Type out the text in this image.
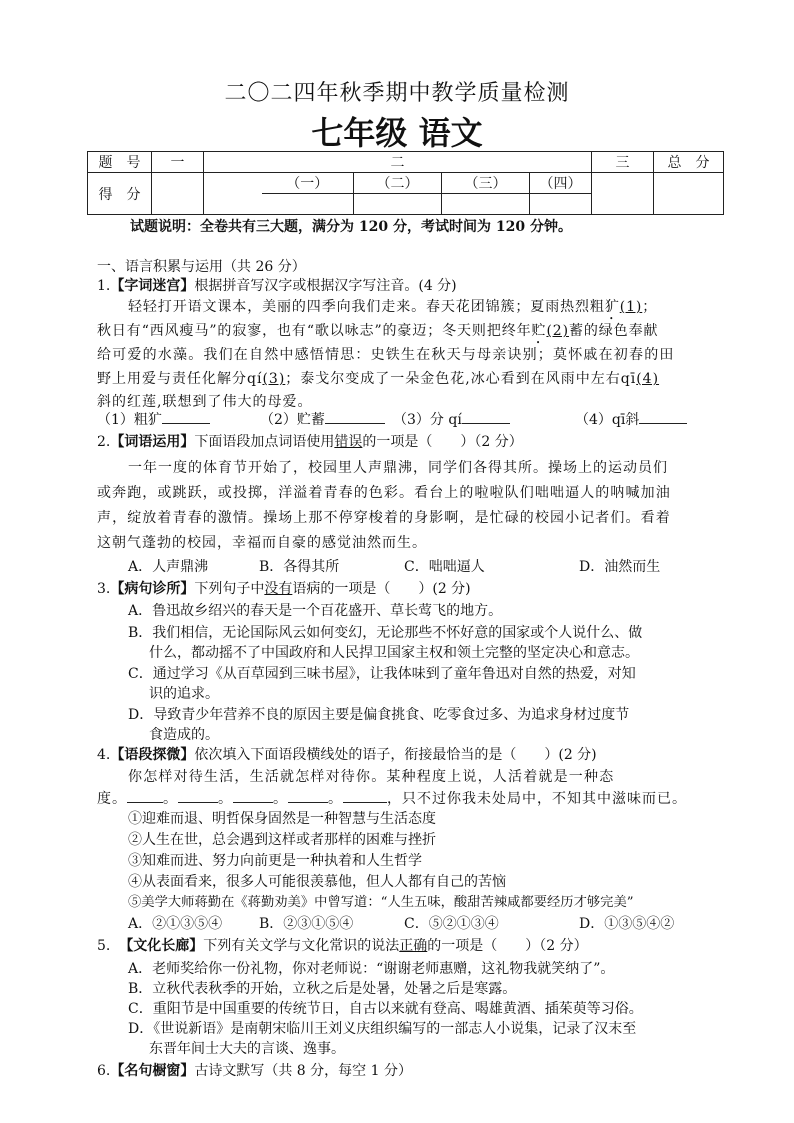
二〇二四年秋季期中教学质量检测
七年级 语文
题　号	一	二					三	总　分
得　分			（一）	（二）	（三）	（四）		

试题说明：全卷共有三大题，满分为 120 分，考试时间为 120 分钟。
一、语言积累与运用（共 26 分）
1.【字词迷宫】根据拼音写汉字或根据汉字写注音。(4 分)
轻轻打开语文课本，美丽的四季向我们走来。春天花团锦簇；夏雨热烈粗犷(1)；
秋日有“西风瘦马”的寂寥，也有“歌以咏志”的豪迈；冬天则把终年贮(2)蓄的绿色奉献
给可爱的水藻。我们在自然中感悟情思：史铁生在秋天与母亲诀别；莫怀戚在初春的田
野上用爱与责任化解分qí(3)；泰戈尔变成了一朵金色花,冰心看到在风雨中左右qī(4)
斜的红莲,联想到了伟大的母爱。
（1）粗犷	（2）贮蓄	（3）分 qí	（4）qī斜
2.【词语运用】下面语段加点词语使用错误的一项是（　　）（2 分）
一年一度的体育节开始了，校园里人声鼎沸，同学们各得其所。操场上的运动员们
或奔跑，或跳跃，或投掷，洋溢着青春的色彩。看台上的啦啦队们咄咄逼人的呐喊加油
声，绽放着青春的激情。操场上那不停穿梭着的身影啊，是忙碌的校园小记者们。看着
这朝气蓬勃的校园，幸福而自豪的感觉油然而生。
A．人声鼎沸	B．各得其所	C．咄咄逼人	D．油然而生
3.【病句诊所】下列句子中没有语病的一项是（　　）(2 分)
A．鲁迅故乡绍兴的春天是一个百花盛开、草长莺飞的地方。
B．我们相信，无论国际风云如何变幻，无论那些不怀好意的国家或个人说什么、做
什么，都动摇不了中国政府和人民捍卫国家主权和领土完整的坚定决心和意志。
C．通过学习《从百草园到三味书屋》，让我体味到了童年鲁迅对自然的热爱，对知
识的追求。
D．导致青少年营养不良的原因主要是偏食挑食、吃零食过多、为追求身材过度节
食造成的。
4.【语段探微】依次填入下面语段横线处的语子，衔接最恰当的是（　　）(2 分)
你怎样对待生活，生活就怎样对待你。某种程度上说，人活着就是一种态
度。	。	。	。	。	，只不过你我未处局中，不知其中滋味而已。
①迎难而退、明哲保身固然是一种智慧与生活态度
②人生在世，总会遇到这样或者那样的困难与挫折
③知难而进、努力向前更是一种执着和人生哲学
④从表面看来，很多人可能很羡慕他，但人人都有自己的苦恼
⑤美学大师蒋勤在《蒋勤劝美》中曾写道：“人生五味，酸甜苦辣咸都要经历才够完美”
A．②①③⑤④	B．②③①⑤④	C．⑤②①③④	D．①③⑤④②
5. 【文化长廊】下列有关文学与文化常识的说法正确的一项是（　　）（2 分）
A．老师奖给你一份礼物，你对老师说：“谢谢老师惠赠，这礼物我就笑纳了”。
B．立秋代表秋季的开始，立秋之后是处暑，处暑之后是寒露。
C．重阳节是中国重要的传统节日，自古以来就有登高、喝雄黄酒、插茱萸等习俗。
D．《世说新语》是南朝宋临川王刘义庆组织编写的一部志人小说集，记录了汉末至
东晋年间士大夫的言谈、逸事。
6.【名句橱窗】古诗文默写（共 8 分，每空 1 分）
